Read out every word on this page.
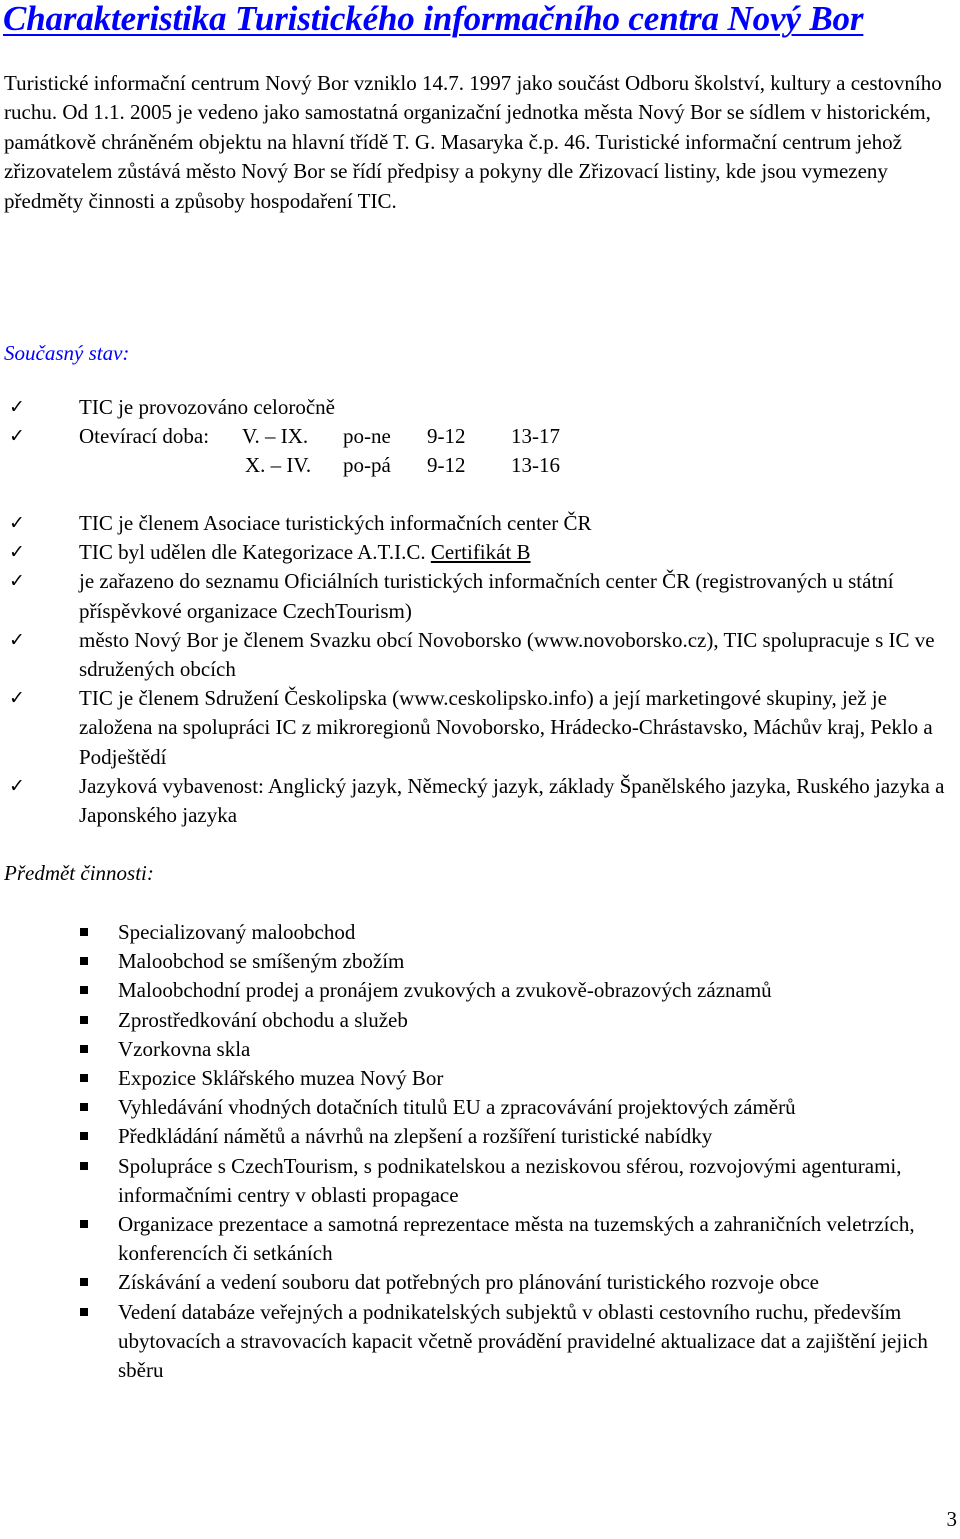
Charakteristika Turistického informačního centra Nový Bor
Turistické informační centrum Nový Bor vzniklo 14.7. 1997 jako součást Odboru školství, kultury a cestovního ruchu. Od 1.1. 2005 je vedeno jako samostatná organizační jednotka města Nový Bor se sídlem v historickém, památkově chráněném objektu na hlavní třídě T. G. Masaryka č.p. 46. Turistické informační centrum jehož zřizovatelem zůstává město Nový Bor se řídí předpisy a pokyny dle Zřizovací listiny, kde jsou vymezeny předměty činnosti a způsoby hospodaření TIC.
Současný stav:
✓	TIC je provozováno celoročně
✓	Otevírací doba: V. – IX. po-ne 9-12 13-17
X. – IV. po-pá 9-12 13-16
✓	TIC je členem Asociace turistických informačních center ČR
✓	TIC byl udělen dle Kategorizace A.T.I.C. Certifikát B
✓	je zařazeno do seznamu Oficiálních turistických informačních center ČR (registrovaných u státní příspěvkové organizace CzechTourism)
✓	město Nový Bor je členem Svazku obcí Novoborsko (www.novoborsko.cz), TIC spolupracuje s IC ve sdružených obcích
✓	TIC je členem Sdružení Českolipska (www.ceskolipsko.info) a její marketingové skupiny, jež je založena na spolupráci IC z mikroregionů Novoborsko, Hrádecko-Chrástavsko, Máchův kraj, Peklo a Podještědí
✓	Jazyková vybavenost: Anglický jazyk, Německý jazyk, základy Španělského jazyka, Ruského jazyka a Japonského jazyka
Předmět činnosti:
Specializovaný maloobchod
Maloobchod se smíšeným zbožím
Maloobchodní prodej a pronájem zvukových a zvukově-obrazových záznamů
Zprostředkování obchodu a služeb
Vzorkovna skla
Expozice Sklářského muzea Nový Bor
Vyhledávání vhodných dotačních titulů EU a zpracovávání projektových záměrů
Předkládání námětů a návrhů na zlepšení a rozšíření turistické nabídky
Spolupráce s CzechTourism, s podnikatelskou a neziskovou sférou, rozvojovými agenturami, informačními centry v oblasti propagace
Organizace prezentace a samotná reprezentace města na tuzemských a zahraničních veletrzích, konferencích či setkáních
Získávání a vedení souboru dat potřebných pro plánování turistického rozvoje obce
Vedení databáze veřejných a podnikatelských subjektů v oblasti cestovního ruchu, především ubytovacích a stravovacích kapacit včetně provádění pravidelné aktualizace dat a zajištění jejich sběru
3
